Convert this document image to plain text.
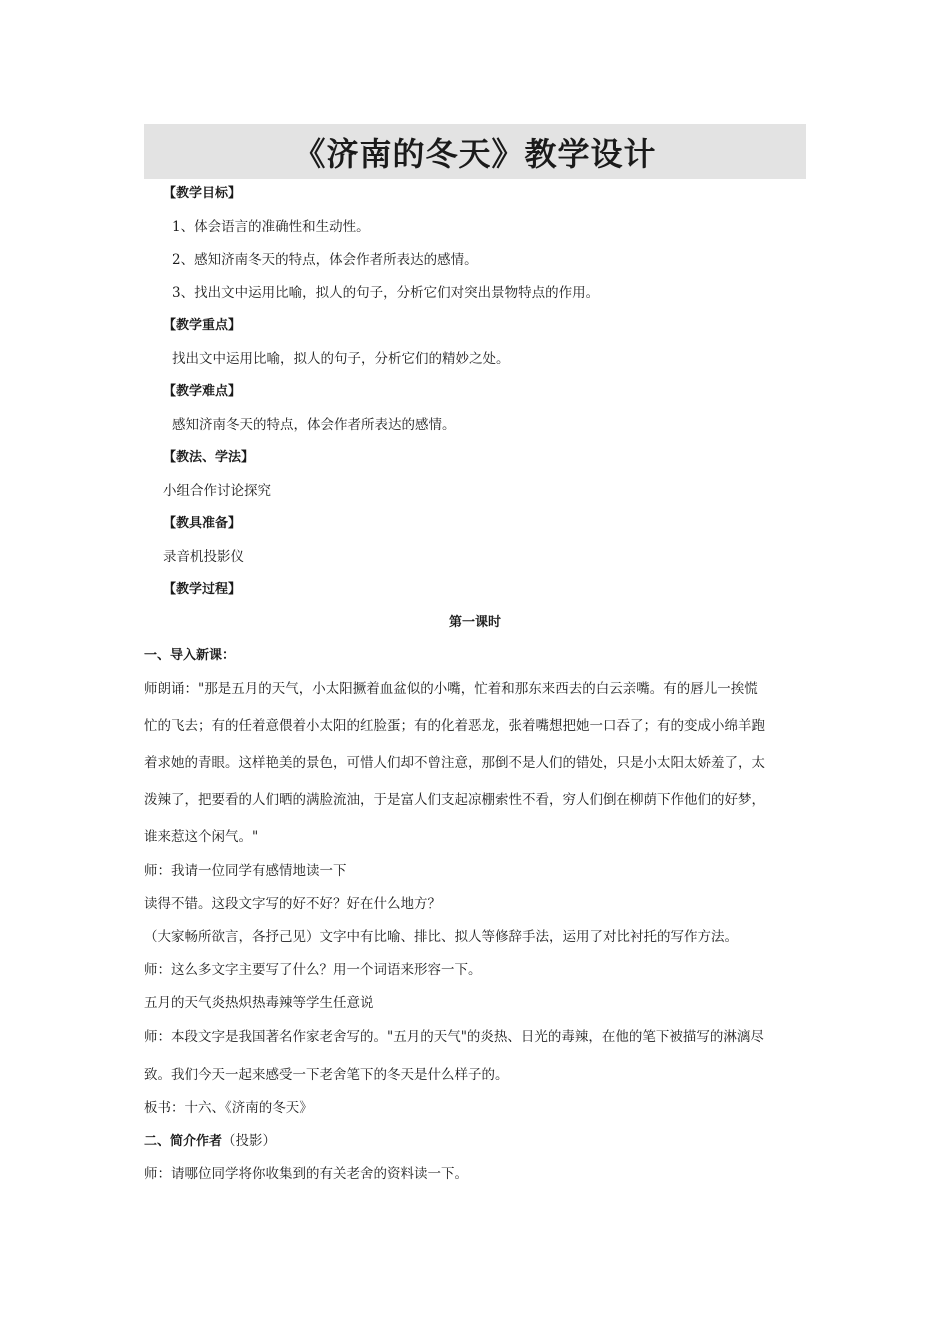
《济南的冬天》教学设计
【教学目标】
1、体会语言的准确性和生动性。
2、感知济南冬天的特点，体会作者所表达的感情。
3、找出文中运用比喻，拟人的句子，分析它们对突出景物特点的作用。
【教学重点】
找出文中运用比喻，拟人的句子，分析它们的精妙之处。
【教学难点】
感知济南冬天的特点，体会作者所表达的感情。
【教法、学法】
小组合作讨论探究
【教具准备】
录音机投影仪
【教学过程】
第一课时
一、导入新课：
师朗诵："那是五月的天气，小太阳撅着血盆似的小嘴，忙着和那东来西去的白云亲嘴。有的唇儿一挨慌
忙的飞去；有的任着意偎着小太阳的红脸蛋；有的化着恶龙，张着嘴想把她一口吞了；有的变成小绵羊跑
着求她的青眼。这样艳美的景色，可惜人们却不曾注意，那倒不是人们的错处，只是小太阳太娇羞了，太
泼辣了，把要看的人们晒的满脸流油，于是富人们支起凉棚索性不看，穷人们倒在柳荫下作他们的好梦，
谁来惹这个闲气。"
师：我请一位同学有感情地读一下
读得不错。这段文字写的好不好？好在什么地方？
（大家畅所欲言，各抒己见）文字中有比喻、排比、拟人等修辞手法，运用了对比衬托的写作方法。
师：这么多文字主要写了什么？用一个词语来形容一下。
五月的天气炎热炽热毒辣等学生任意说
师：本段文字是我国著名作家老舍写的。"五月的天气"的炎热、日光的毒辣，在他的笔下被描写的淋漓尽
致。我们今天一起来感受一下老舍笔下的冬天是什么样子的。
板书：十六、《济南的冬天》
二、简介作者（投影）
师：请哪位同学将你收集到的有关老舍的资料读一下。
